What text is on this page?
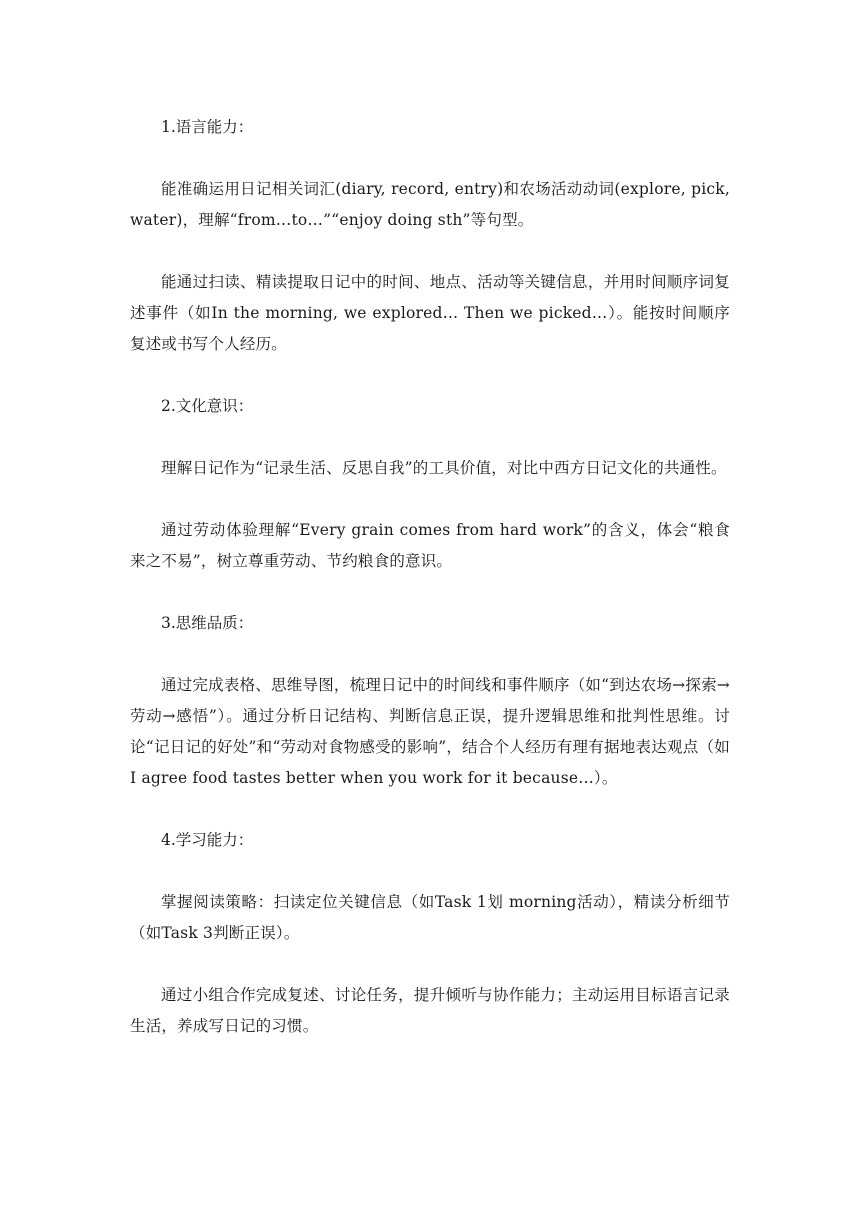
1.语言能力：

能准确运用日记相关词汇(diary, record, entry)和农场活动动词(explore, pick, water)，理解“from…to…”“enjoy doing sth”等句型。

能通过扫读、精读提取日记中的时间、地点、活动等关键信息，并用时间顺序词复述事件（如In the morning, we explored… Then we picked…）。能按时间顺序复述或书写个人经历。

2.文化意识：

理解日记作为“记录生活、反思自我”的工具价值，对比中西方日记文化的共通性。

通过劳动体验理解“Every grain comes from hard work”的含义，体会“粮食来之不易”，树立尊重劳动、节约粮食的意识。

3.思维品质：

通过完成表格、思维导图，梳理日记中的时间线和事件顺序（如“到达农场→探索→劳动→感悟”）。通过分析日记结构、判断信息正误，提升逻辑思维和批判性思维。讨论“记日记的好处”和“劳动对食物感受的影响”，结合个人经历有理有据地表达观点（如I agree food tastes better when you work for it because…）。

4.学习能力：

掌握阅读策略：扫读定位关键信息（如Task 1划 morning活动），精读分析细节（如Task 3判断正误）。

通过小组合作完成复述、讨论任务，提升倾听与协作能力；主动运用目标语言记录生活，养成写日记的习惯。
